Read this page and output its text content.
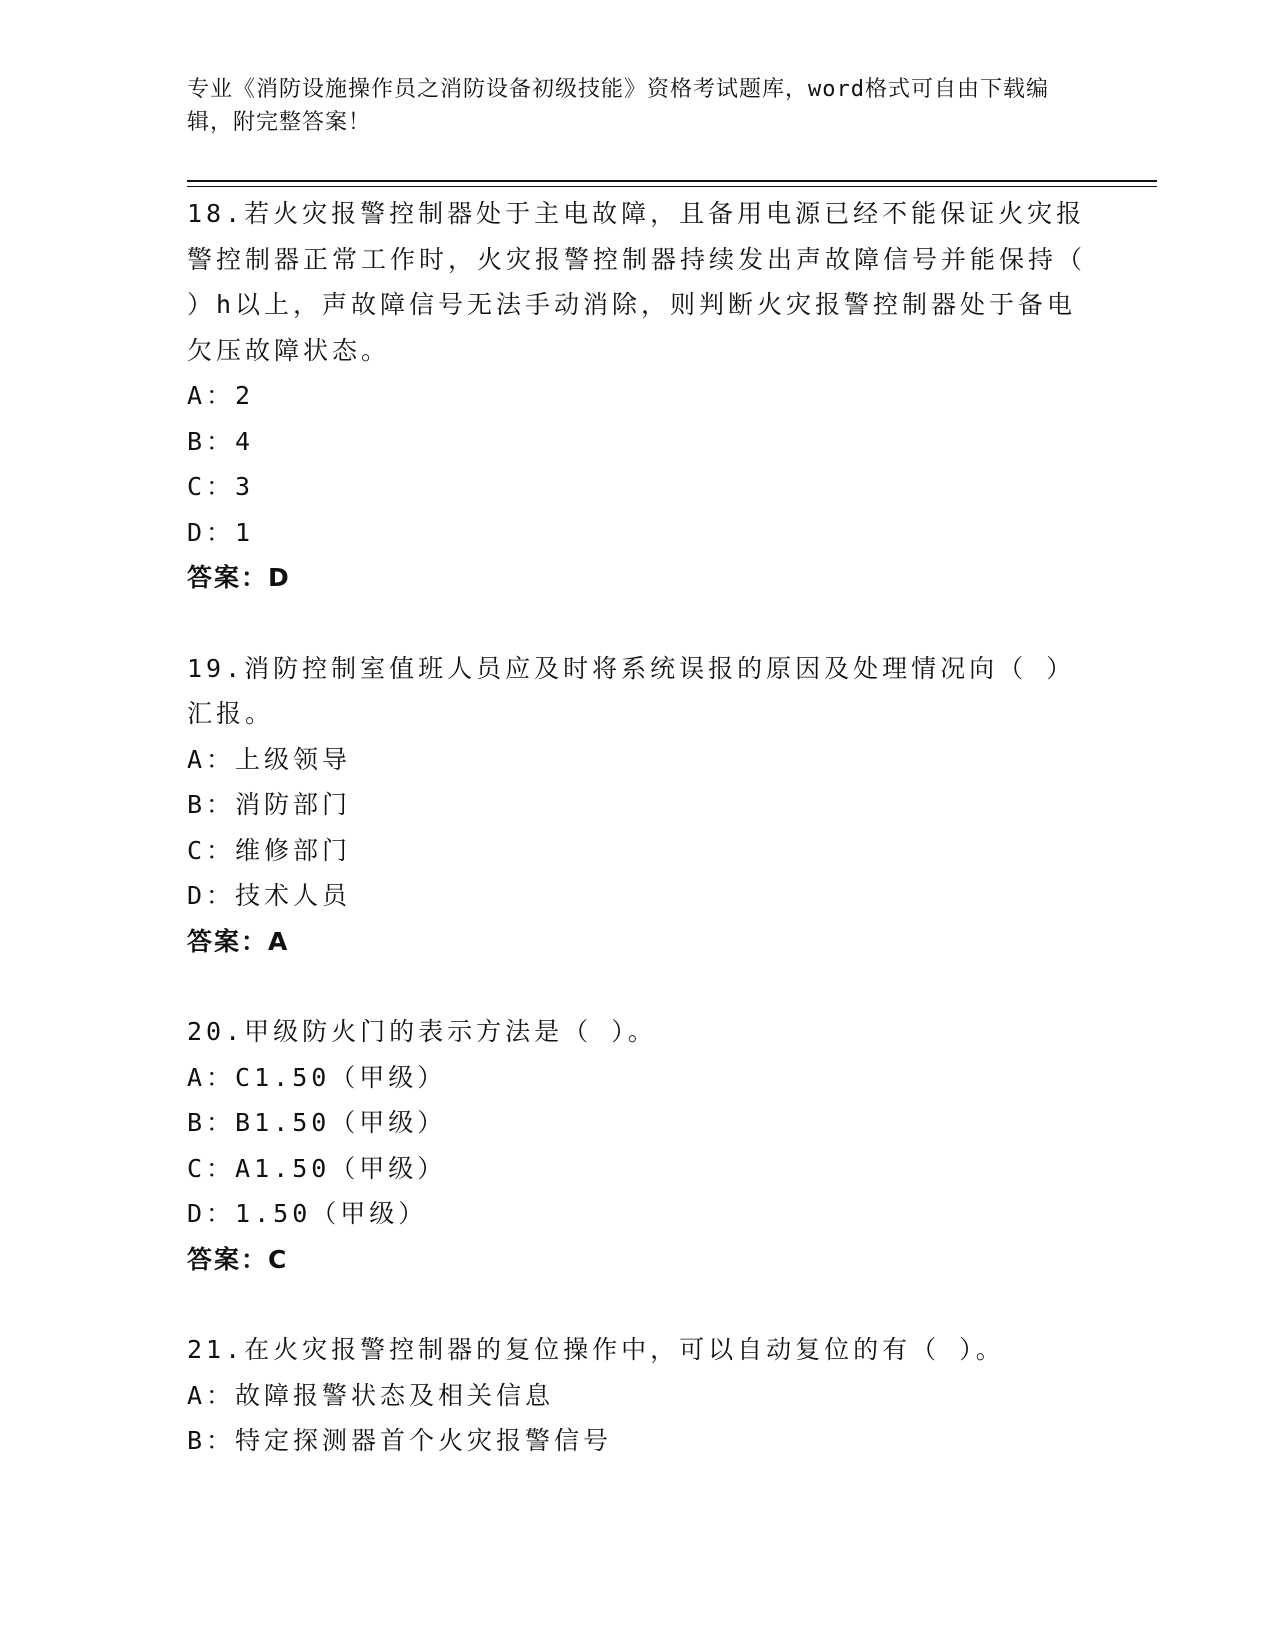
专业《消防设施操作员之消防设备初级技能》资格考试题库，word格式可自由下载编辑，附完整答案！
18.若火灾报警控制器处于主电故障，且备用电源已经不能保证火灾报警控制器正常工作时，火灾报警控制器持续发出声故障信号并能保持（ ）h以上，声故障信号无法手动消除，则判断火灾报警控制器处于备电欠压故障状态。
A：2
B：4
C：3
D：1
答案：D
19.消防控制室值班人员应及时将系统误报的原因及处理情况向（ ）汇报。
A：上级领导
B：消防部门
C：维修部门
D：技术人员
答案：A
20.甲级防火门的表示方法是（ ）。
A：C1.50（甲级）
B：B1.50（甲级）
C：A1.50（甲级）
D：1.50（甲级）
答案：C
21.在火灾报警控制器的复位操作中，可以自动复位的有（ ）。
A：故障报警状态及相关信息
B：特定探测器首个火灾报警信号
